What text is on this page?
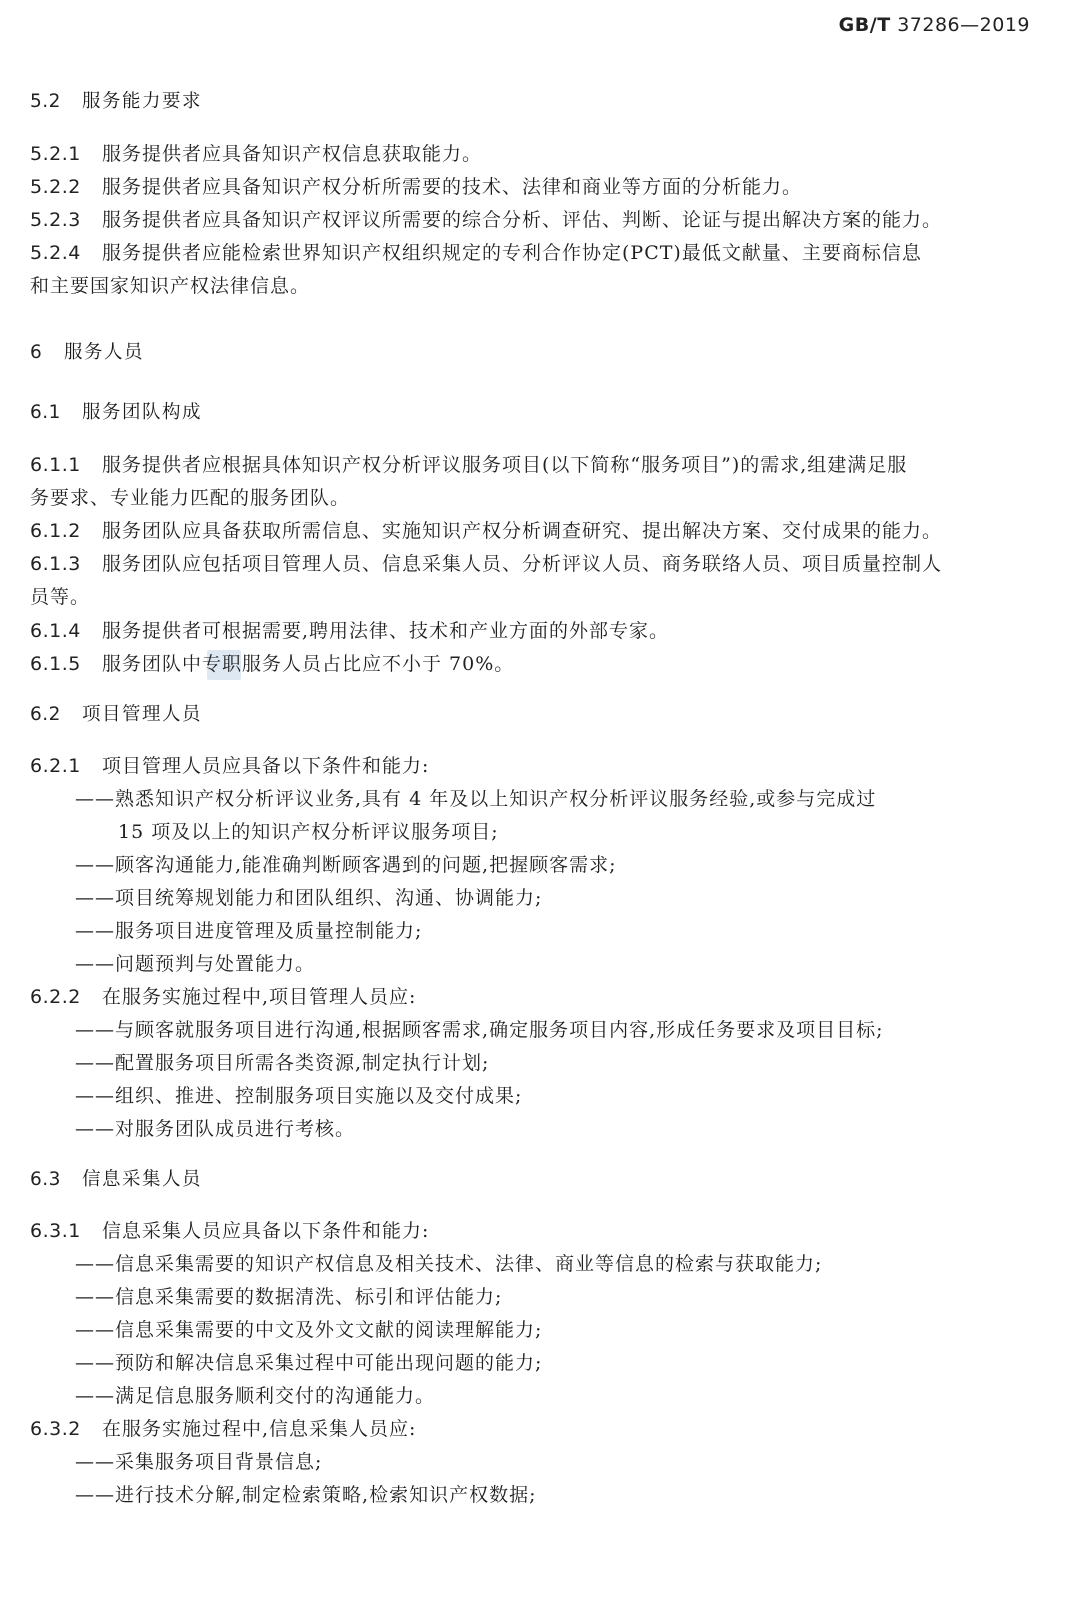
GB/T 37286—2019
5.2 服务能力要求
5.2.1 服务提供者应具备知识产权信息获取能力。
5.2.2 服务提供者应具备知识产权分析所需要的技术、法律和商业等方面的分析能力。
5.2.3 服务提供者应具备知识产权评议所需要的综合分析、评估、判断、论证与提出解决方案的能力。
5.2.4 服务提供者应能检索世界知识产权组织规定的专利合作协定(PCT)最低文献量、主要商标信息
和主要国家知识产权法律信息。
6 服务人员
6.1 服务团队构成
6.1.1 服务提供者应根据具体知识产权分析评议服务项目(以下简称“服务项目”)的需求,组建满足服
务要求、专业能力匹配的服务团队。
6.1.2 服务团队应具备获取所需信息、实施知识产权分析调查研究、提出解决方案、交付成果的能力。
6.1.3 服务团队应包括项目管理人员、信息采集人员、分析评议人员、商务联络人员、项目质量控制人
员等。
6.1.4 服务提供者可根据需要,聘用法律、技术和产业方面的外部专家。
6.1.5 服务团队中专职服务人员占比应不小于 70%。
6.2 项目管理人员
6.2.1 项目管理人员应具备以下条件和能力:
——熟悉知识产权分析评议业务,具有 4 年及以上知识产权分析评议服务经验,或参与完成过
15 项及以上的知识产权分析评议服务项目;
——顾客沟通能力,能准确判断顾客遇到的问题,把握顾客需求;
——项目统筹规划能力和团队组织、沟通、协调能力;
——服务项目进度管理及质量控制能力;
——问题预判与处置能力。
6.2.2 在服务实施过程中,项目管理人员应:
——与顾客就服务项目进行沟通,根据顾客需求,确定服务项目内容,形成任务要求及项目目标;
——配置服务项目所需各类资源,制定执行计划;
——组织、推进、控制服务项目实施以及交付成果;
——对服务团队成员进行考核。
6.3 信息采集人员
6.3.1 信息采集人员应具备以下条件和能力:
——信息采集需要的知识产权信息及相关技术、法律、商业等信息的检索与获取能力;
——信息采集需要的数据清洗、标引和评估能力;
——信息采集需要的中文及外文文献的阅读理解能力;
——预防和解决信息采集过程中可能出现问题的能力;
——满足信息服务顺利交付的沟通能力。
6.3.2 在服务实施过程中,信息采集人员应:
——采集服务项目背景信息;
——进行技术分解,制定检索策略,检索知识产权数据;
